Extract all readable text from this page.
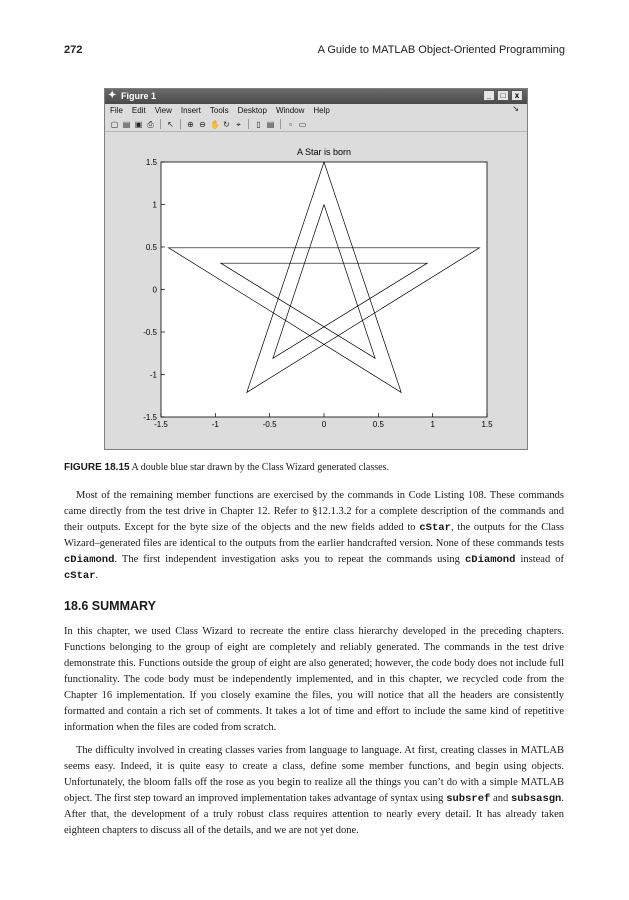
272	A Guide to MATLAB Object-Oriented Programming
✦ Figure 1	_	□	x
File Edit View Insert Tools Desktop Window Help	↘
▢ ▤ ▣ ⎙ ↖ ⊕ ⊖ ✋ ↻ ⌖ ▯ ▤	▫ ▭
A Star is born
-1.5	-1	-0.5	0	0.5	1	1.5
1.5
1
0.5
0
-0.5
-1
-1.5
FIGURE 18.15 A double blue star drawn by the Class Wizard generated classes.

Most of the remaining member functions are exercised by the commands in Code Listing 108. These commands came directly from the test drive in Chapter 12. Refer to §12.1.3.2 for a complete description of the commands and their outputs. Except for the byte size of the objects and the new fields added to cStar, the outputs for the Class Wizard–generated files are identical to the outputs from the earlier handcrafted version. None of these commands tests cDiamond. The first independent investigation asks you to repeat the commands using cDiamond instead of cStar.

18.6 SUMMARY

In this chapter, we used Class Wizard to recreate the entire class hierarchy developed in the preceding chapters. Functions belonging to the group of eight are completely and reliably generated. The commands in the test drive demonstrate this. Functions outside the group of eight are also generated; however, the code body does not include full functionality. The code body must be independently implemented, and in this chapter, we recycled code from the Chapter 16 implementation. If you closely examine the files, you will notice that all the headers are consistently formatted and contain a rich set of comments. It takes a lot of time and effort to include the same kind of repetitive information when the files are coded from scratch.

The difficulty involved in creating classes varies from language to language. At first, creating classes in MATLAB seems easy. Indeed, it is quite easy to create a class, define some member functions, and begin using objects. Unfortunately, the bloom falls off the rose as you begin to realize all the things you can’t do with a simple MATLAB object. The first step toward an improved implementation takes advantage of syntax using subsref and subsasgn. After that, the development of a truly robust class requires attention to nearly every detail. It has already taken eighteen chapters to discuss all of the details, and we are not yet done.
